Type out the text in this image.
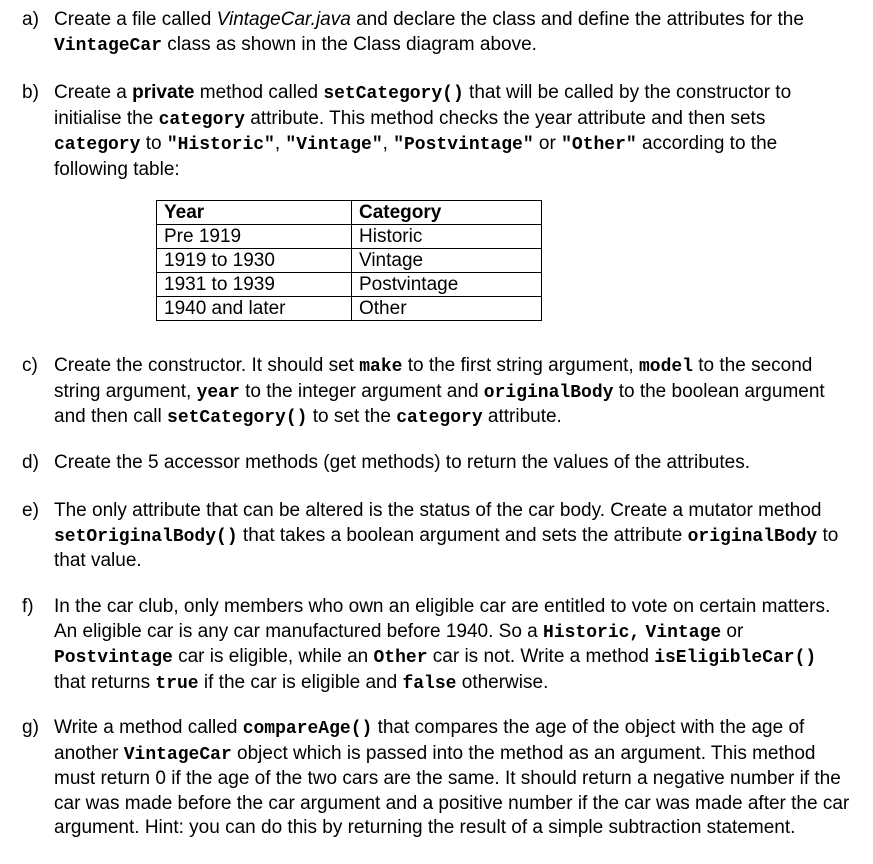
a) Create a file called VintageCar.java and declare the class and define the attributes for the VintageCar class as shown in the Class diagram above.
b) Create a private method called setCategory() that will be called by the constructor to initialise the category attribute. This method checks the year attribute and then sets category to "Historic", "Vintage", "Postvintage" or "Other" according to the following table:
Year	Category
Pre 1919	Historic
1919 to 1930	Vintage
1931 to 1939	Postvintage
1940 and later	Other
c) Create the constructor. It should set make to the first string argument, model to the second string argument, year to the integer argument and originalBody to the boolean argument and then call setCategory() to set the category attribute.
d) Create the 5 accessor methods (get methods) to return the values of the attributes.
e) The only attribute that can be altered is the status of the car body. Create a mutator method setOriginalBody() that takes a boolean argument and sets the attribute originalBody to that value.
f) In the car club, only members who own an eligible car are entitled to vote on certain matters. An eligible car is any car manufactured before 1940. So a Historic, Vintage or Postvintage car is eligible, while an Other car is not. Write a method isEligibleCar() that returns true if the car is eligible and false otherwise.
g) Write a method called compareAge() that compares the age of the object with the age of another VintageCar object which is passed into the method as an argument. This method must return 0 if the age of the two cars are the same. It should return a negative number if the car was made before the car argument and a positive number if the car was made after the car argument. Hint: you can do this by returning the result of a simple subtraction statement.
